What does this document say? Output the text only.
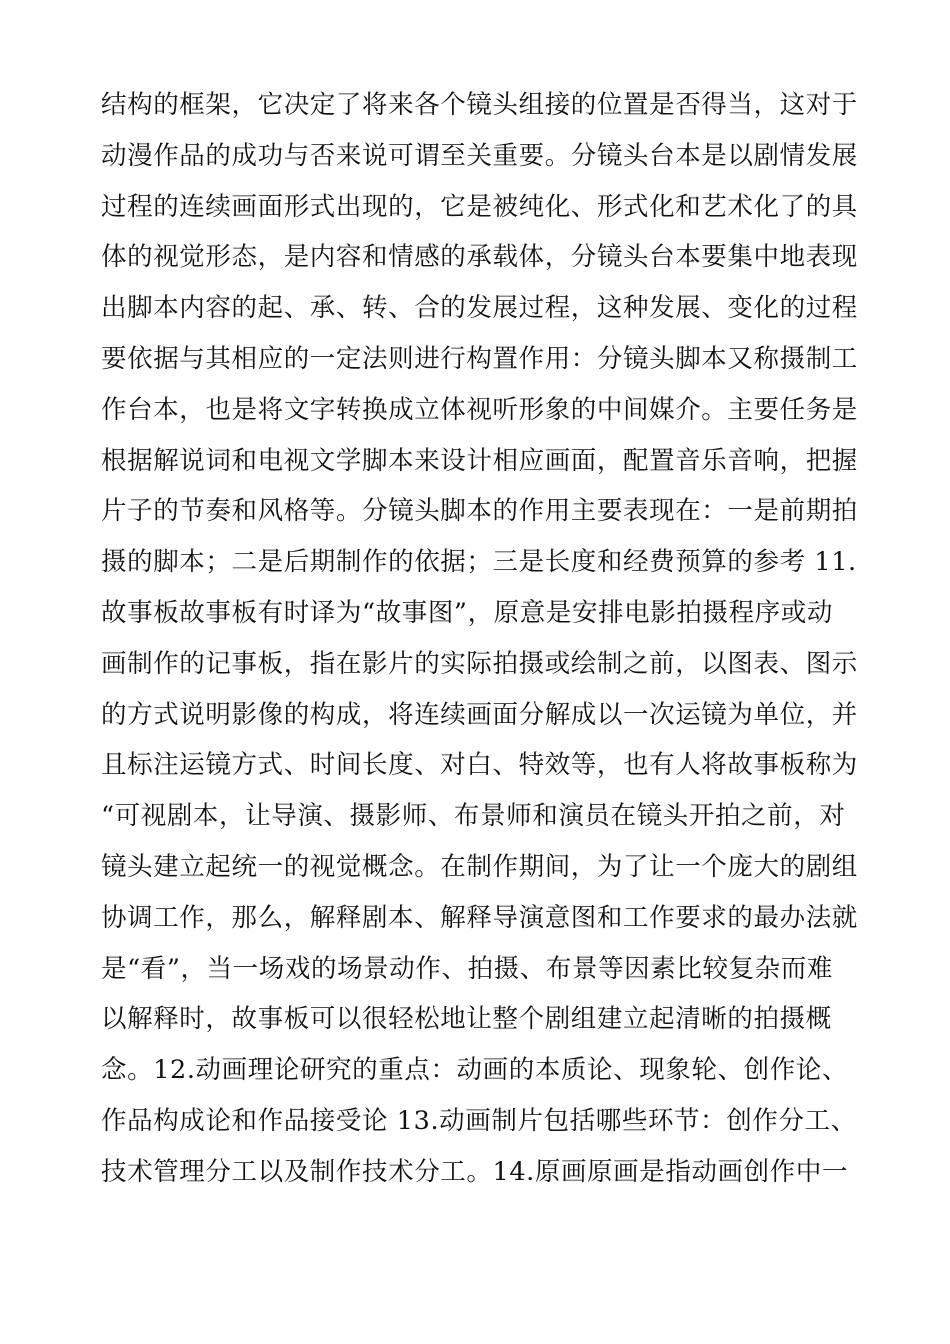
结构的框架，它决定了将来各个镜头组接的位置是否得当，这对于
动漫作品的成功与否来说可谓至关重要。分镜头台本是以剧情发展
过程的连续画面形式出现的，它是被纯化、形式化和艺术化了的具
体的视觉形态，是内容和情感的承载体，分镜头台本要集中地表现
出脚本内容的起、承、转、合的发展过程，这种发展、变化的过程
要依据与其相应的一定法则进行构置作用：分镜头脚本又称摄制工
作台本，也是将文字转换成立体视听形象的中间媒介。主要任务是
根据解说词和电视文学脚本来设计相应画面，配置音乐音响，把握
片子的节奏和风格等。分镜头脚本的作用主要表现在：一是前期拍
摄的脚本；二是后期制作的依据；三是长度和经费预算的参考 11.
故事板故事板有时译为“故事图”，原意是安排电影拍摄程序或动
画制作的记事板，指在影片的实际拍摄或绘制之前，以图表、图示
的方式说明影像的构成，将连续画面分解成以一次运镜为单位，并
且标注运镜方式、时间长度、对白、特效等，也有人将故事板称为
“可视剧本，让导演、摄影师、布景师和演员在镜头开拍之前，对
镜头建立起统一的视觉概念。在制作期间，为了让一个庞大的剧组
协调工作，那么，解释剧本、解释导演意图和工作要求的最办法就
是“看”，当一场戏的场景动作、拍摄、布景等因素比较复杂而难
以解释时，故事板可以很轻松地让整个剧组建立起清晰的拍摄概
念。12.动画理论研究的重点：动画的本质论、现象轮、创作论、
作品构成论和作品接受论 13.动画制片包括哪些环节：创作分工、
技术管理分工以及制作技术分工。14.原画原画是指动画创作中一
